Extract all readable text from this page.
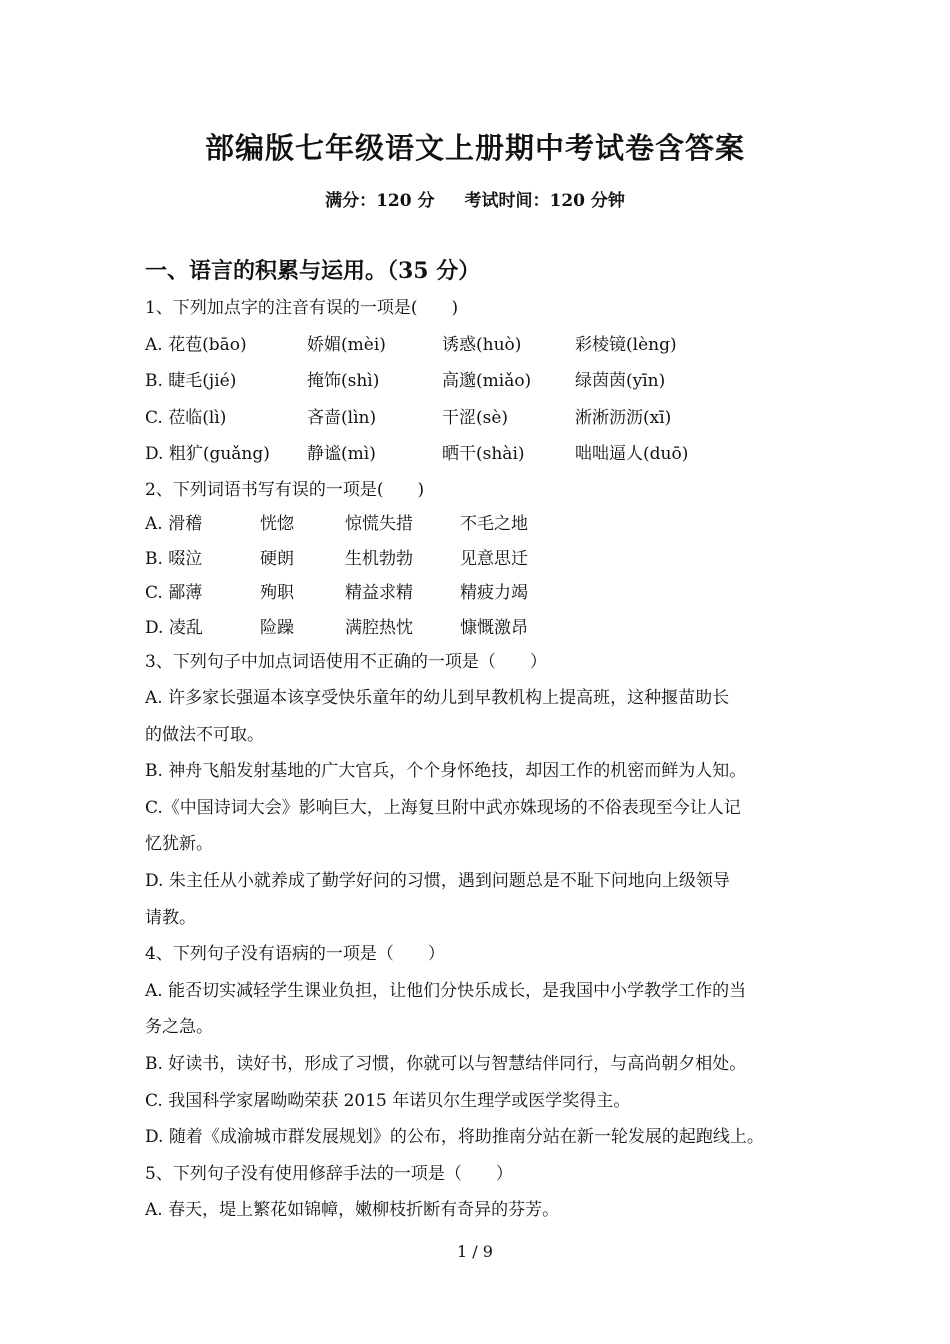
部编版七年级语文上册期中考试卷含答案
满分：120 分 考试时间：120 分钟
一、语言的积累与运用。（35 分）
1、下列加点字的注音有误的一项是(　　)
A. 花苞(bāo)	娇媚(mèi)	诱惑(huò)	彩棱镜(lèng)
B. 睫毛(jié)	掩饰(shì)	高邈(miǎo)	绿茵茵(yīn)
C. 莅临(lì)	吝啬(lìn)	干涩(sè)	淅淅沥沥(xī)
D. 粗犷(guǎng) 静谧(mì)	晒干(shài)	咄咄逼人(duō)
2、下列词语书写有误的一项是(　　)
A. 滑稽	恍惚	惊慌失措	不毛之地
B. 啜泣	硬朗	生机勃勃	见意思迁
C. 鄙薄	殉职	精益求精	精疲力竭
D. 凌乱	险躁	满腔热忱	慷慨激昂
3、下列句子中加点词语使用不正确的一项是（　　）
A. 许多家长强逼本该享受快乐童年的幼儿到早教机构上提高班，这种揠苗助长
的做法不可取。
B. 神舟飞船发射基地的广大官兵，个个身怀绝技，却因工作的机密而鲜为人知。
C.《中国诗词大会》影响巨大，上海复旦附中武亦姝现场的不俗表现至今让人记
忆犹新。
D. 朱主任从小就养成了勤学好问的习惯，遇到问题总是不耻下问地向上级领导
请教。
4、下列句子没有语病的一项是（　　）
A. 能否切实减轻学生课业负担，让他们分快乐成长，是我国中小学教学工作的当
务之急。
B. 好读书，读好书，形成了习惯，你就可以与智慧结伴同行，与高尚朝夕相处。
C. 我国科学家屠呦呦荣获 2015 年诺贝尔生理学或医学奖得主。
D. 随着《成渝城市群发展规划》的公布，将助推南分站在新一轮发展的起跑线上。
5、下列句子没有使用修辞手法的一项是（　　）
A. 春天，堤上繁花如锦幛，嫩柳枝折断有奇异的芬芳。
1 / 9
